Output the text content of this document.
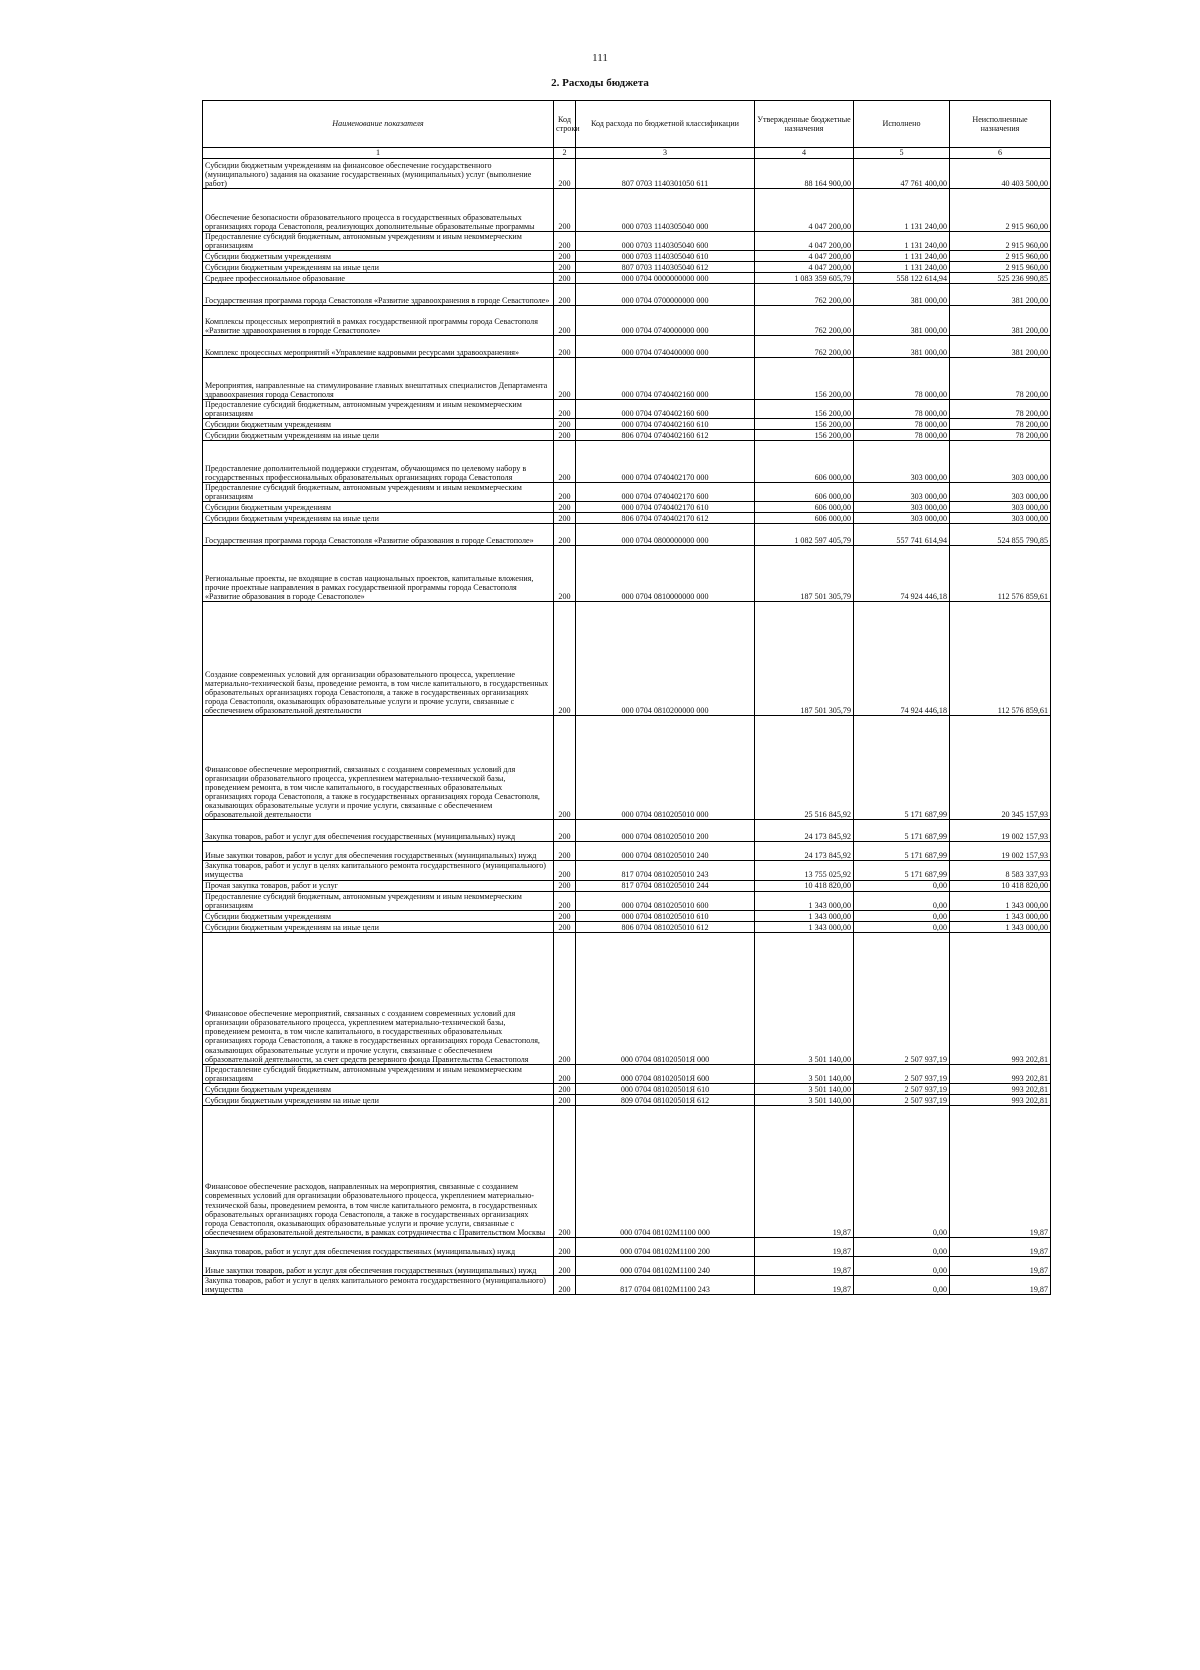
111
2. Расходы бюджета
Наименование показателя	Код строки	Код расхода по бюджетной классификации	Утвержденные бюджетные назначения	Исполнено	Неисполненные назначения
1	2	3	4	5	6
Субсидии бюджетным учреждениям на финансовое обеспечение государственного (муниципального) задания на оказание государственных (муниципальных) услуг (выполнение работ)	200	807 0703 1140301050 611	88 164 900,00	47 761 400,00	40 403 500,00
Обеспечение безопасности образовательного процесса в государственных образовательных организациях города Севастополя, реализующих дополнительные образовательные программы	200	000 0703 1140305040 000	4 047 200,00	1 131 240,00	2 915 960,00
Предоставление субсидий бюджетным, автономным учреждениям и иным некоммерческим организациям	200	000 0703 1140305040 600	4 047 200,00	1 131 240,00	2 915 960,00
Субсидии бюджетным учреждениям	200	000 0703 1140305040 610	4 047 200,00	1 131 240,00	2 915 960,00
Субсидии бюджетным учреждениям на иные цели	200	807 0703 1140305040 612	4 047 200,00	1 131 240,00	2 915 960,00
Среднее профессиональное образование	200	000 0704 0000000000 000	1 083 359 605,79	558 122 614,94	525 236 990,85
Государственная программа города Севастополя «Развитие здравоохранения в городе Севастополе»	200	000 0704 0700000000 000	762 200,00	381 000,00	381 200,00
Комплексы процессных мероприятий в рамках государственной программы города Севастополя «Развитие здравоохранения в городе Севастополе»	200	000 0704 0740000000 000	762 200,00	381 000,00	381 200,00
Комплекс процессных мероприятий «Управление кадровыми ресурсами здравоохранения»	200	000 0704 0740400000 000	762 200,00	381 000,00	381 200,00
Мероприятия, направленные на стимулирование главных внештатных специалистов Департамента здравоохранения города Севастополя	200	000 0704 0740402160 000	156 200,00	78 000,00	78 200,00
Предоставление субсидий бюджетным, автономным учреждениям и иным некоммерческим организациям	200	000 0704 0740402160 600	156 200,00	78 000,00	78 200,00
Субсидии бюджетным учреждениям	200	000 0704 0740402160 610	156 200,00	78 000,00	78 200,00
Субсидии бюджетным учреждениям на иные цели	200	806 0704 0740402160 612	156 200,00	78 000,00	78 200,00
Предоставление дополнительной поддержки студентам, обучающимся по целевому набору в государственных профессиональных образовательных организациях города Севастополя	200	000 0704 0740402170 000	606 000,00	303 000,00	303 000,00
Предоставление субсидий бюджетным, автономным учреждениям и иным некоммерческим организациям	200	000 0704 0740402170 600	606 000,00	303 000,00	303 000,00
Субсидии бюджетным учреждениям	200	000 0704 0740402170 610	606 000,00	303 000,00	303 000,00
Субсидии бюджетным учреждениям на иные цели	200	806 0704 0740402170 612	606 000,00	303 000,00	303 000,00
Государственная программа города Севастополя «Развитие образования в городе Севастополе»	200	000 0704 0800000000 000	1 082 597 405,79	557 741 614,94	524 855 790,85
Региональные проекты, не входящие в состав национальных проектов, капитальные вложения, прочие проектные направления в рамках государственной программы города Севастополя «Развитие образования в городе Севастополе»	200	000 0704 0810000000 000	187 501 305,79	74 924 446,18	112 576 859,61
Создание современных условий для организации образовательного процесса, укрепление материально-технической базы, проведение ремонта, в том числе капитального, в государственных образовательных организациях города Севастополя, а также в государственных организациях города Севастополя, оказывающих образовательные услуги и прочие услуги, связанные с обеспечением образовательной деятельности	200	000 0704 0810200000 000	187 501 305,79	74 924 446,18	112 576 859,61
Финансовое обеспечение мероприятий, связанных с созданием современных условий для организации образовательного процесса, укреплением материально-технической базы, проведением ремонта, в том числе капитального, в государственных образовательных организациях города Севастополя, а также в государственных организациях города Севастополя, оказывающих образовательные услуги и прочие услуги, связанные с обеспечением образовательной деятельности	200	000 0704 0810205010 000	25 516 845,92	5 171 687,99	20 345 157,93
Закупка товаров, работ и услуг для обеспечения государственных (муниципальных) нужд	200	000 0704 0810205010 200	24 173 845,92	5 171 687,99	19 002 157,93
Иные закупки товаров, работ и услуг для обеспечения государственных (муниципальных) нужд	200	000 0704 0810205010 240	24 173 845,92	5 171 687,99	19 002 157,93
Закупка товаров, работ и услуг в целях капитального ремонта государственного (муниципального) имущества	200	817 0704 0810205010 243	13 755 025,92	5 171 687,99	8 583 337,93
Прочая закупка товаров, работ и услуг	200	817 0704 0810205010 244	10 418 820,00	0,00	10 418 820,00
Предоставление субсидий бюджетным, автономным учреждениям и иным некоммерческим организациям	200	000 0704 0810205010 600	1 343 000,00	0,00	1 343 000,00
Субсидии бюджетным учреждениям	200	000 0704 0810205010 610	1 343 000,00	0,00	1 343 000,00
Субсидии бюджетным учреждениям на иные цели	200	806 0704 0810205010 612	1 343 000,00	0,00	1 343 000,00
Финансовое обеспечение мероприятий, связанных с созданием современных условий для организации образовательного процесса, укреплением материально-технической базы, проведением ремонта, в том числе капитального, в государственных образовательных организациях города Севастополя, а также в государственных организациях города Севастополя, оказывающих образовательные услуги и прочие услуги, связанные с обеспечением образовательной деятельности, за счет средств резервного фонда Правительства Севастополя	200	000 0704 081020501Я 000	3 501 140,00	2 507 937,19	993 202,81
Предоставление субсидий бюджетным, автономным учреждениям и иным некоммерческим организациям	200	000 0704 081020501Я 600	3 501 140,00	2 507 937,19	993 202,81
Субсидии бюджетным учреждениям	200	000 0704 081020501Я 610	3 501 140,00	2 507 937,19	993 202,81
Субсидии бюджетным учреждениям на иные цели	200	809 0704 081020501Я 612	3 501 140,00	2 507 937,19	993 202,81
Финансовое обеспечение расходов, направленных на мероприятия, связанные с созданием современных условий для организации образовательного процесса, укреплением материально-технической базы, проведением ремонта, в том числе капитального ремонта, в государственных образовательных организациях города Севастополя, а также в государственных организациях города Севастополя, оказывающих образовательные услуги и прочие услуги, связанные с обеспечением образовательной деятельности, в рамках сотрудничества с Правительством Москвы	200	000 0704 08102М1100 000	19,87	0,00	19,87
Закупка товаров, работ и услуг для обеспечения государственных (муниципальных) нужд	200	000 0704 08102М1100 200	19,87	0,00	19,87
Иные закупки товаров, работ и услуг для обеспечения государственных (муниципальных) нужд	200	000 0704 08102М1100 240	19,87	0,00	19,87
Закупка товаров, работ и услуг в целях капитального ремонта государственного (муниципального) имущества	200	817 0704 08102М1100 243	19,87	0,00	19,87
